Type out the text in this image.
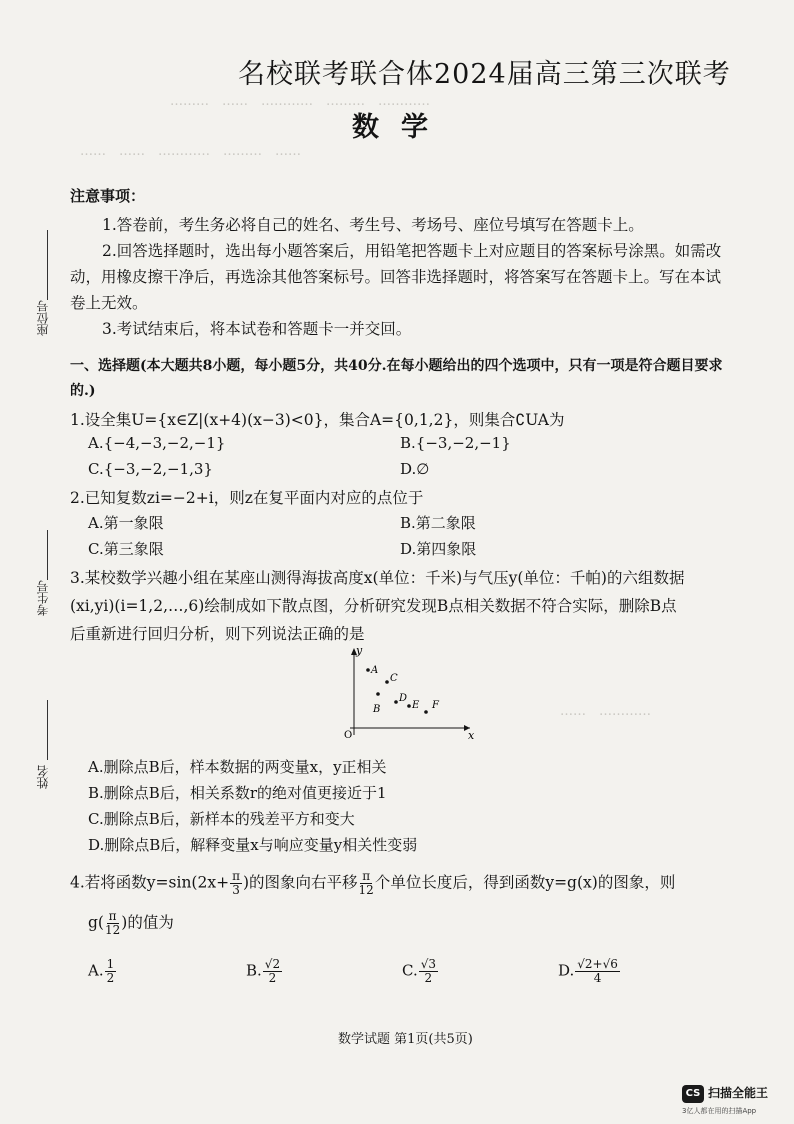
………　……　…………　………　…………
……　……　…………　………　……
……　…………
名校联考联合体2024届高三第三次联考
数学
注意事项：
1.答卷前，考生务必将自己的姓名、考生号、考场号、座位号填写在答题卡上。
2.回答选择题时，选出每小题答案后，用铅笔把答题卡上对应题目的答案标号涂黑。如需改动，用橡皮擦干净后，再选涂其他答案标号。回答非选择题时，将答案写在答题卡上。写在本试卷上无效。
3.考试结束后，将本试卷和答题卡一并交回。
座位号
考生号
姓名
一、选择题(本大题共8小题，每小题5分，共40分.在每小题给出的四个选项中，只有一项是符合题目要求的.)
1.设全集U={x∈Z|(x+4)(x−3)<0}，集合A={0,1,2}，则集合∁UA为
A.{−4,−3,−2,−1}	B.{−3,−2,−1}
C.{−3,−2,−1,3}	D.∅
2.已知复数zi=−2+i，则z在复平面内对应的点位于
A.第一象限	B.第二象限
C.第三象限	D.第四象限
3.某校数学兴趣小组在某座山测得海拔高度x(单位：千米)与气压y(单位：千帕)的六组数据
(xi,yi)(i=1,2,…,6)绘制成如下散点图，分析研究发现B点相关数据不符合实际，删除B点
后重新进行回归分析，则下列说法正确的是
y
x
O
A
B
C
D
E F
A.删除点B后，样本数据的两变量x，y正相关
B.删除点B后，相关系数r的绝对值更接近于1
C.删除点B后，新样本的残差平方和变大
D.删除点B后，解释变量x与响应变量y相关性变弱
4.若将函数$y=\sin(2x+ \frac{\pi}{3}$ )的图象向右平移 $\frac{\pi}{12}$ 个单位长度后，得到函数y=g(x)的图象，则
$g( \frac{\pi}{12}$ )的值为
A. $\frac{1}{2}$	B. $\frac{√2}{2}$	C. $\frac{√3}{2}$	D. $\frac{√2+√6}{4}$
数学试题 第1页(共5页)
CS 扫描全能王
3亿人都在用的扫描App
